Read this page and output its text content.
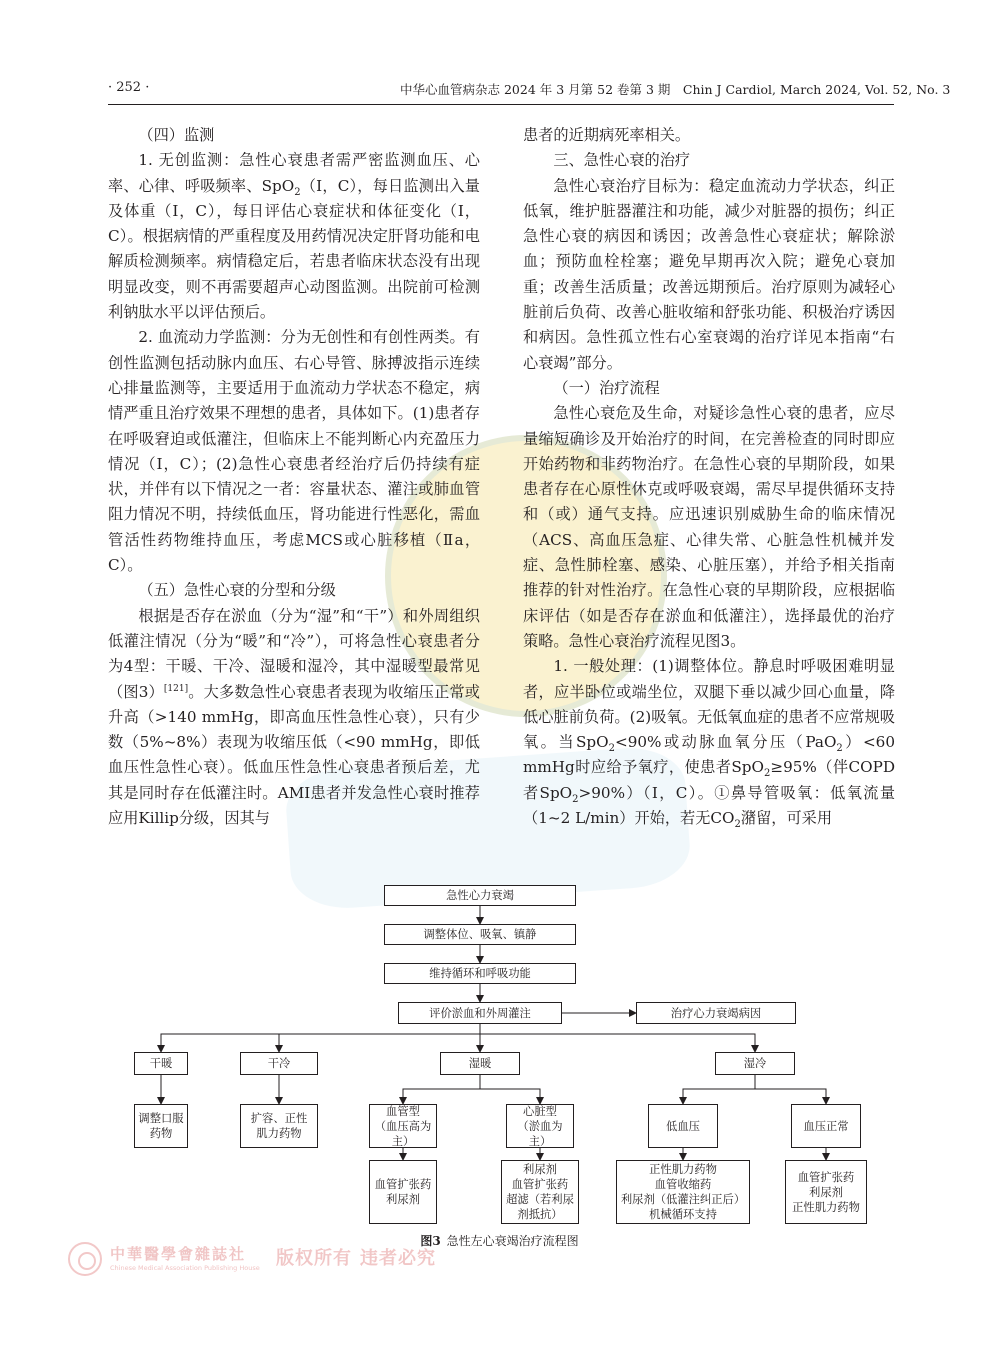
· 252 ·	中华心血管病杂志 2024 年 3 月第 52 卷第 3 期　Chin J Cardiol, March 2024, Vol. 52, No. 3

（四）监测

1. 无创监测：急性心衰患者需严密监测血压、心率、心律、呼吸频率、SpO$_2$（Ⅰ，C），每日监测出入量及体重（Ⅰ，C），每日评估心衰症状和体征变化（Ⅰ，C）。根据病情的严重程度及用药情况决定肝肾功能和电解质检测频率。病情稳定后，若患者临床状态没有出现明显改变，则不再需要超声心动图监测。出院前可检测利钠肽水平以评估预后。

2. 血流动力学监测：分为无创性和有创性两类。有创性监测包括动脉内血压、右心导管、脉搏波指示连续心排量监测等，主要适用于血流动力学状态不稳定，病情严重且治疗效果不理想的患者，具体如下。(1)患者存在呼吸窘迫或低灌注，但临床上不能判断心内充盈压力情况（Ⅰ，C）；(2)急性心衰患者经治疗后仍持续有症状，并伴有以下情况之一者：容量状态、灌注或肺血管阻力情况不明，持续低血压，肾功能进行性恶化，需血管活性药物维持血压，考虑MCS或心脏移植（Ⅱa，C）。

（五）急性心衰的分型和分级

根据是否存在淤血（分为“湿”和“干”）和外周组织低灌注情况（分为“暖”和“冷”），可将急性心衰患者分为4型：干暖、干冷、湿暖和湿冷，其中湿暖型最常见（图3）[121]。大多数急性心衰患者表现为收缩压正常或升高（>140 mmHg，即高血压性急性心衰），只有少数（5%~8%）表现为收缩压低（<90 mmHg，即低血压性急性心衰）。低血压性急性心衰患者预后差，尤其是同时存在低灌注时。AMI患者并发急性心衰时推荐应用Killip分级，因其与

患者的近期病死率相关。

三、急性心衰的治疗

急性心衰治疗目标为：稳定血流动力学状态，纠正低氧，维护脏器灌注和功能，减少对脏器的损伤；纠正急性心衰的病因和诱因；改善急性心衰症状；解除淤血；预防血栓栓塞；避免早期再次入院；避免心衰加重；改善生活质量；改善远期预后。治疗原则为减轻心脏前后负荷、改善心脏收缩和舒张功能、积极治疗诱因和病因。急性孤立性右心室衰竭的治疗详见本指南“右心衰竭”部分。

（一）治疗流程

急性心衰危及生命，对疑诊急性心衰的患者，应尽量缩短确诊及开始治疗的时间，在完善检查的同时即应开始药物和非药物治疗。在急性心衰的早期阶段，如果患者存在心原性休克或呼吸衰竭，需尽早提供循环支持和（或）通气支持。应迅速识别威胁生命的临床情况（ACS、高血压急症、心律失常、心脏急性机械并发症、急性肺栓塞、感染、心脏压塞），并给予相关指南推荐的针对性治疗。在急性心衰的早期阶段，应根据临床评估（如是否存在淤血和低灌注），选择最优的治疗策略。急性心衰治疗流程见图3。

1. 一般处理：(1)调整体位。静息时呼吸困难明显者，应半卧位或端坐位，双腿下垂以减少回心血量，降低心脏前负荷。(2)吸氧。无低氧血症的患者不应常规吸氧。当SpO$_2$<90%或动脉血氧分压（PaO$_2$）<60 mmHg时应给予氧疗，使患者SpO$_2$≥95%（伴COPD者SpO$_2$>90%）（Ⅰ，C）。①鼻导管吸氧：低氧流量（1~2 L/min）开始，若无$CO_2$潴留，可采用

急性心力衰竭
调整体位、吸氧、镇静
维持循环和呼吸功能
评价淤血和外周灌注	治疗心力衰竭病因
干暖	干冷	湿暖	湿冷
调整口服
药物
扩容、正性
肌力药物
血管型
（血压高为主）
心脏型
（淤血为主）
低血压	血压正常
血管扩张药
利尿剂
利尿剂
血管扩张药
超滤（若利尿
剂抵抗）
正性肌力药物
血管收缩药
利尿剂（低灌注纠正后）
机械循环支持
血管扩张药
利尿剂
正性肌力药物
图3 急性左心衰竭治疗流程图
中華醫學會雜誌社
Chinese Medical Association Publishing House 版权所有 违者必究
